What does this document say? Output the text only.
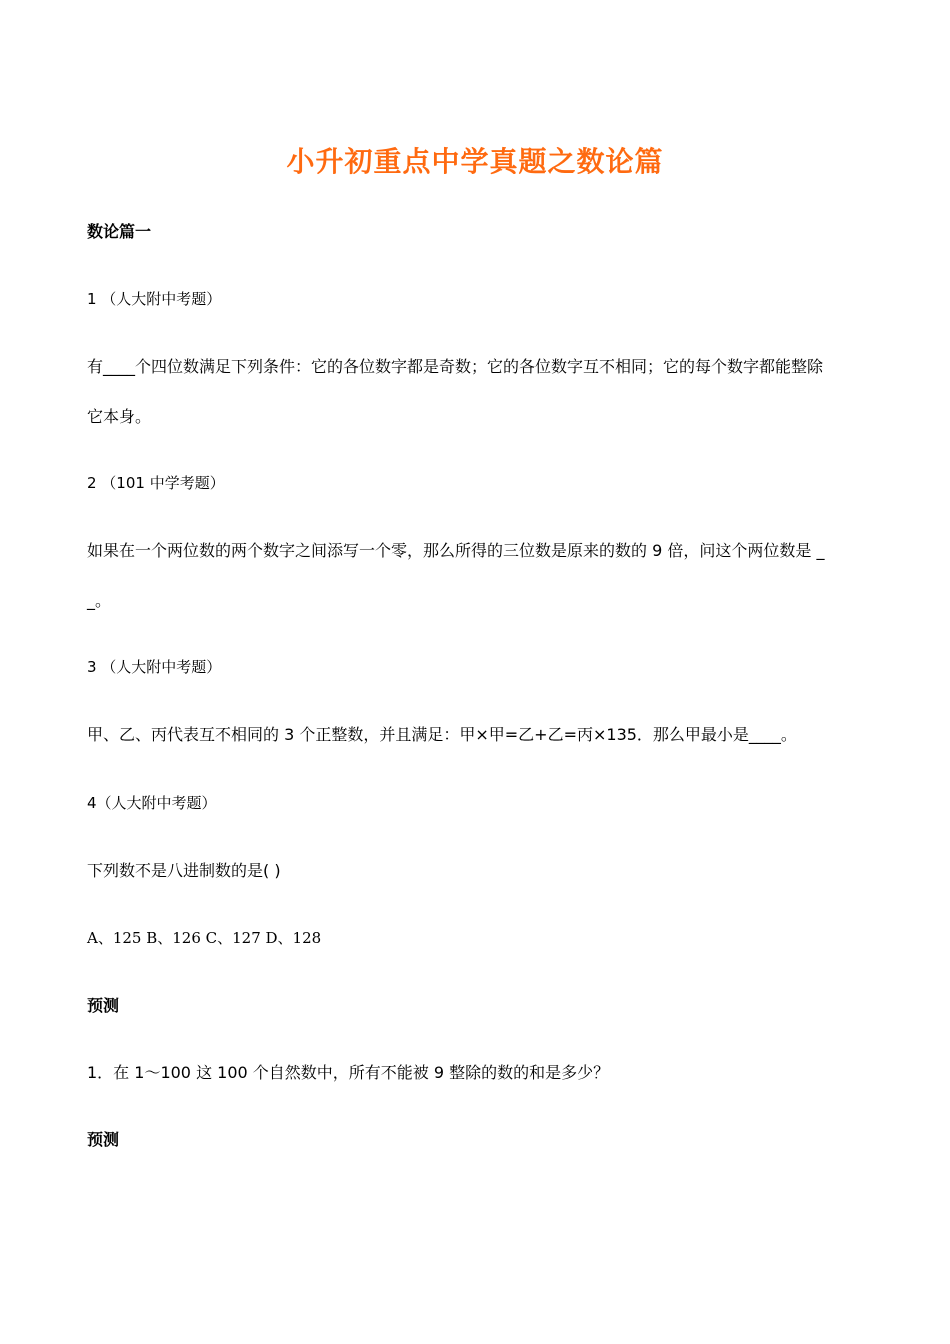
小升初重点中学真题之数论篇
数论篇一
1 （人大附中考题）
有____个四位数满足下列条件：它的各位数字都是奇数；它的各位数字互不相同；它的每个数字都能整除
它本身。
2 （101 中学考题）
如果在一个两位数的两个数字之间添写一个零，那么所得的三位数是原来的数的 9 倍，问这个两位数是 _
_。
3 （人大附中考题）
甲、乙、丙代表互不相同的 3 个正整数，并且满足：甲×甲=乙+乙=丙×135．那么甲最小是____。
4（人大附中考题）
下列数不是八进制数的是( )
A、125 B、126 C、127 D、128
预测
1．在 1～100 这 100 个自然数中，所有不能被 9 整除的数的和是多少？
预测
